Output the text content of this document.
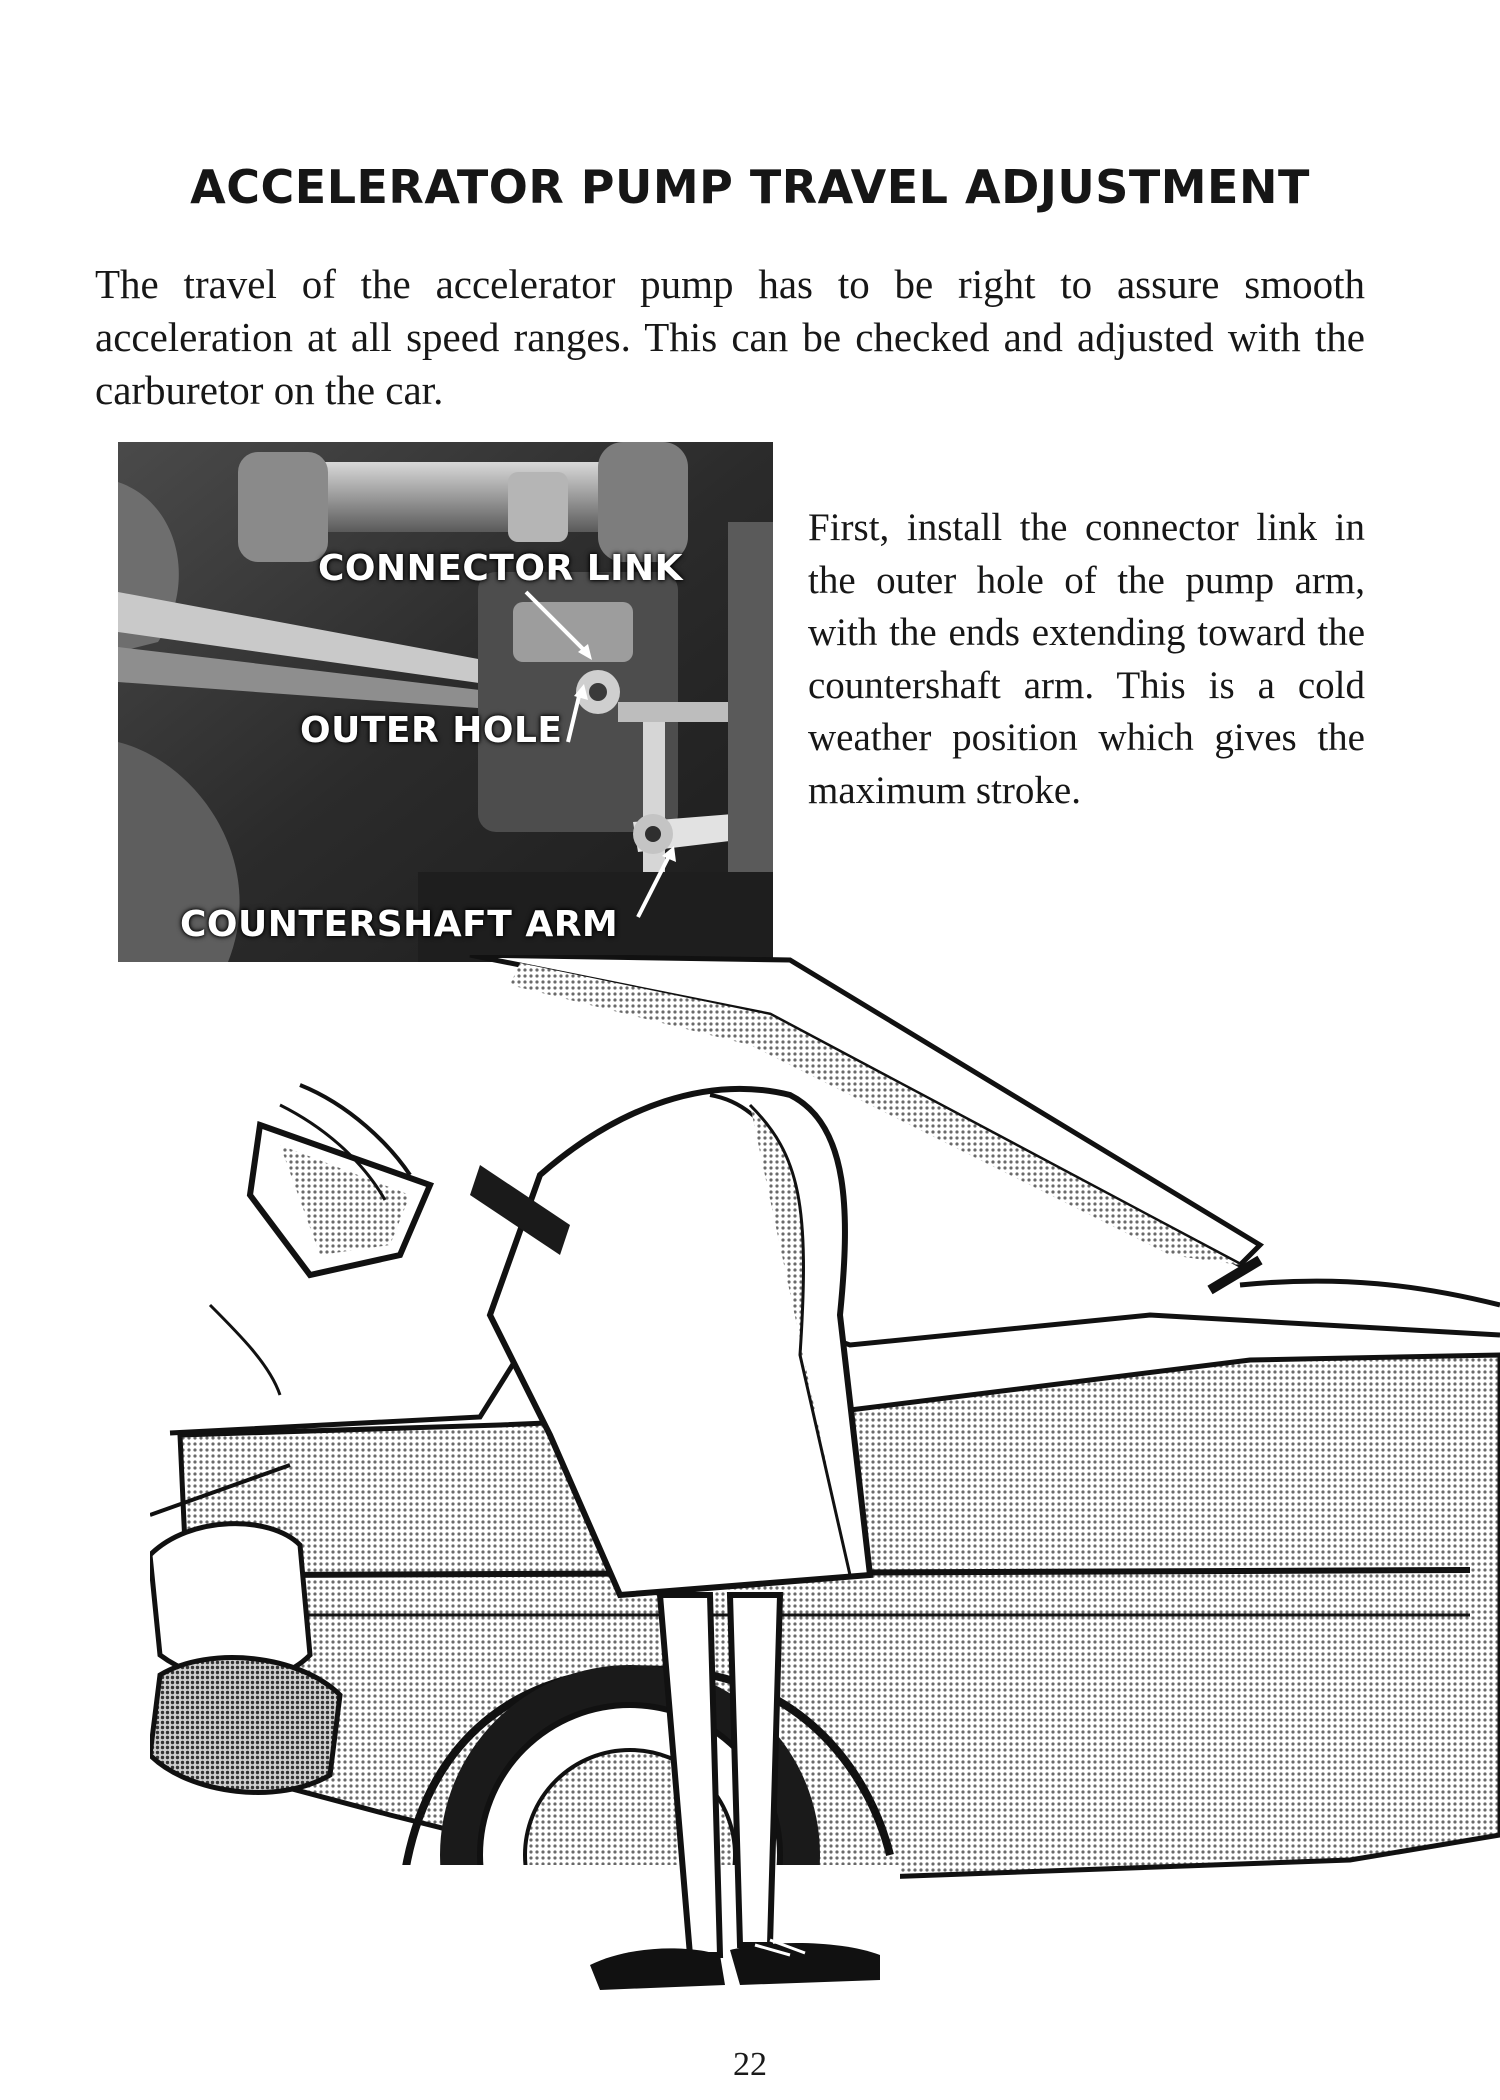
ACCELERATOR PUMP TRAVEL ADJUSTMENT

The travel of the accelerator pump has to be right to assure smooth acceleration at all speed ranges. This can be checked and adjusted with the carburetor on the car.

CONNECTOR LINK
OUTER HOLE
COUNTERSHAFT ARM

First, install the connector link in the outer hole of the pump arm, with the ends extending toward the countershaft arm. This is a cold weather position which gives the maximum stroke.

22
